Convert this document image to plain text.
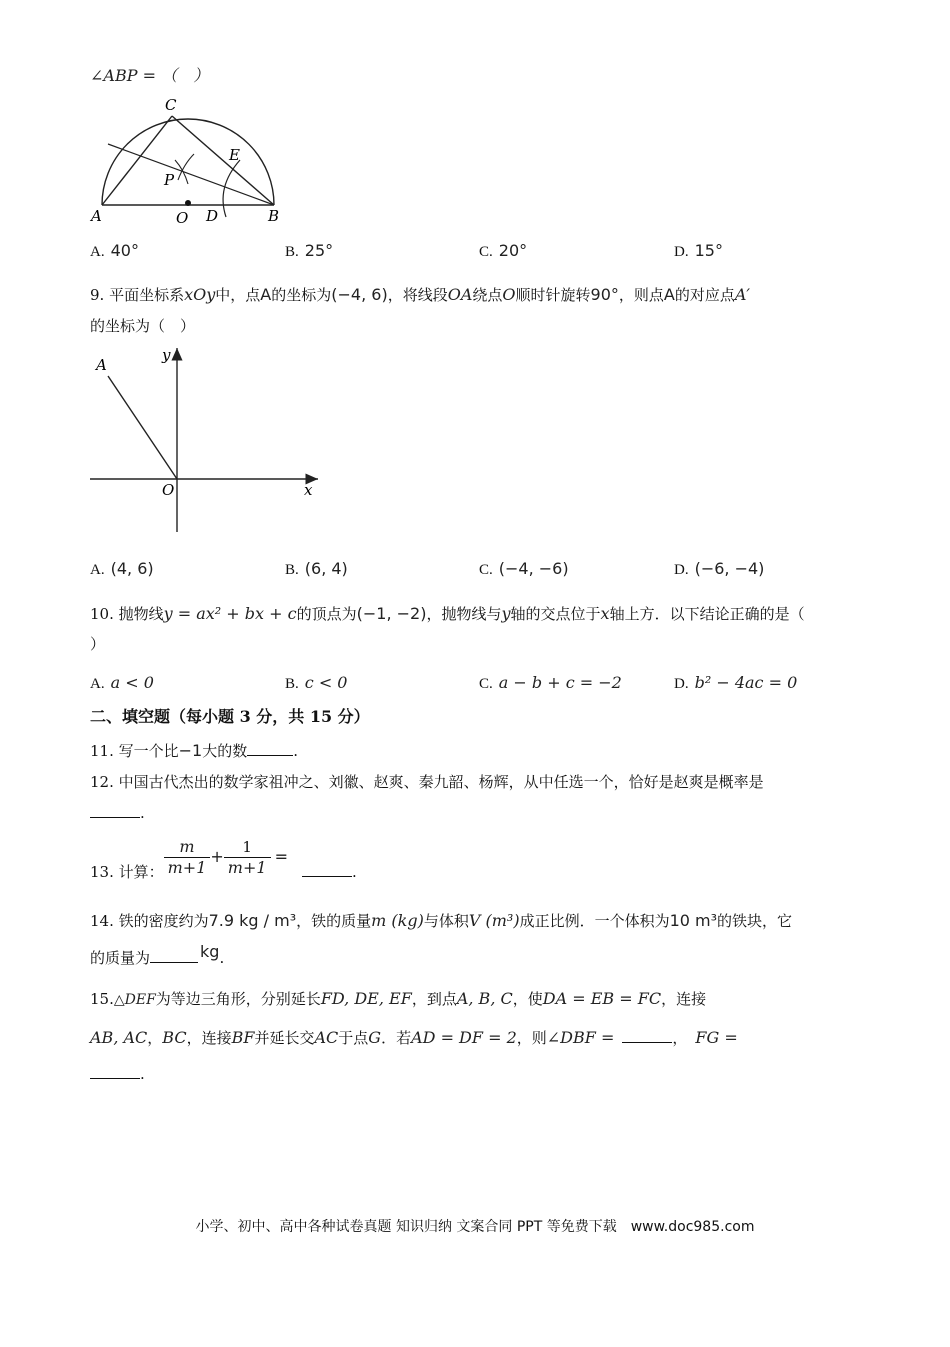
∠ABP = （　）
C
E
P
A	O D	B
A. 40°	B. 25°	C. 20°	D. 15°
9. 平面坐标系xOy中，点A的坐标为(−4, 6)，将线段OA绕点O顺时针旋转90°，则点A的对应点A′
的坐标为（　）
A
y
O	x
A. (4, 6)	B. (6, 4)	C. (−4, −6)	D. (−6, −4)
10. 抛物线y = ax² + bx + c的顶点为(−1, −2)，抛物线与y轴的交点位于x轴上方．以下结论正确的是（
）
A. a < 0	B. c < 0	C. a − b + c = −2	D. b² − 4ac = 0
二、填空题（每小题 3 分，共 15 分）
11. 写一个比−1大的数	.
12. 中国古代杰出的数学家祖冲之、刘徽、赵爽、秦九韶、杨辉，从中任选一个，恰好是赵爽是概率是
.
13. 计算： $\frac{m}{m+1} + \frac{1}{m+1}$ =.
14. 铁的密度约为7.9 kg / m³，铁的质量m (kg)与体积V (m³)成正比例．一个体积为10 m³的铁块，它
的质量为	kg.
15.△DEF为等边三角形，分别延长FD, DE, EF，到点A, B, C，使DA = EB = FC，连接
AB, AC，BC，连接BF并延长交AC于点G．若AD = DF = 2，则∠DBF =	， FG =
.
小学、初中、高中各种试卷真题 知识归纳 文案合同 PPT 等免费下载　www.doc985.com
